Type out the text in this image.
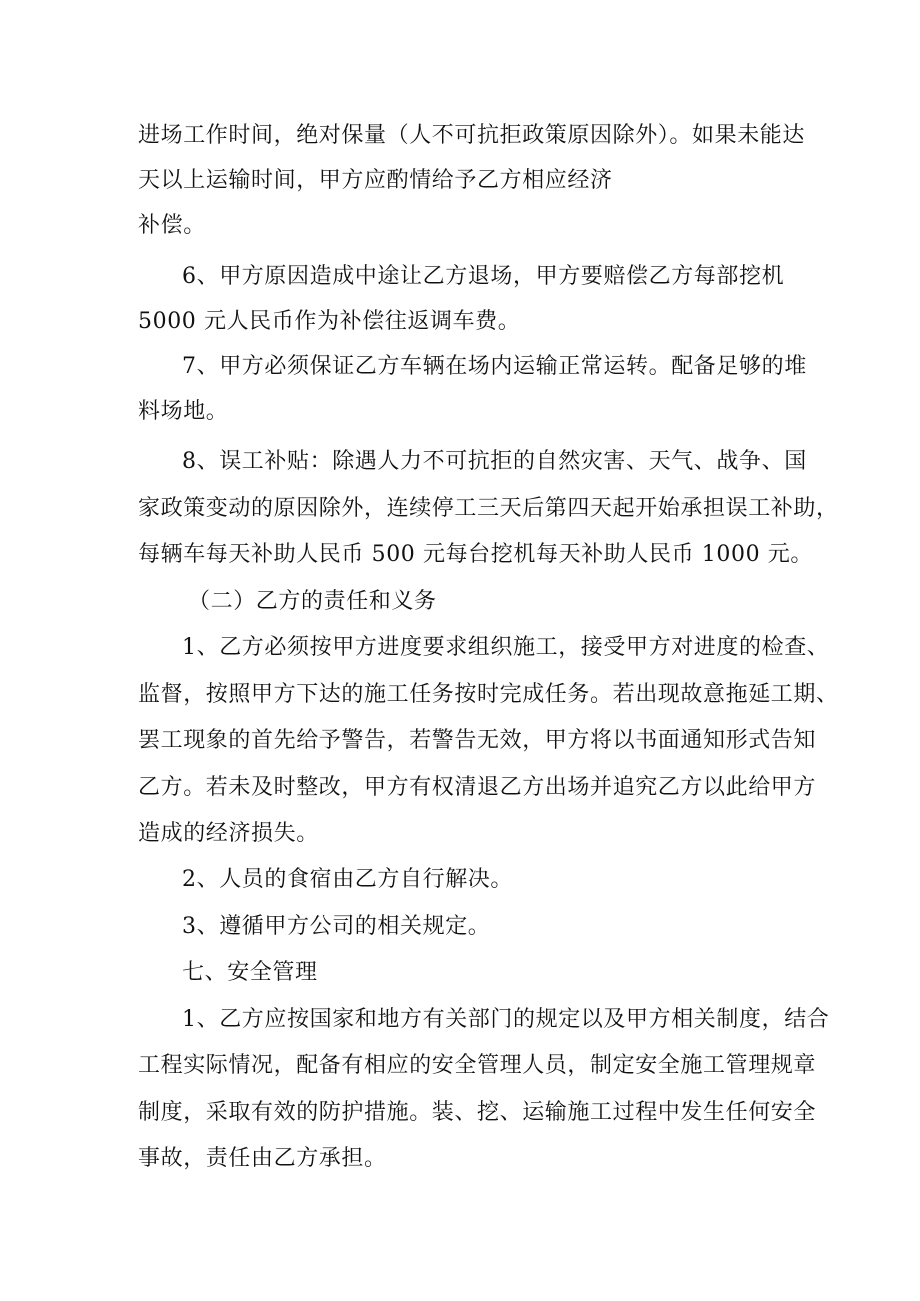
进场工作时间，绝对保量（人不可抗拒政策原因除外）。如果未能达
天以上运输时间，甲方应酌情给予乙方相应经济
补偿。
6、甲方原因造成中途让乙方退场，甲方要赔偿乙方每部挖机
5000 元人民币作为补偿往返调车费。
7、甲方必须保证乙方车辆在场内运输正常运转。配备足够的堆
料场地。
8、误工补贴：除遇人力不可抗拒的自然灾害、天气、战争、国
家政策变动的原因除外，连续停工三天后第四天起开始承担误工补助，
每辆车每天补助人民币 500 元每台挖机每天补助人民币 1000 元。
（二）乙方的责任和义务
1、乙方必须按甲方进度要求组织施工，接受甲方对进度的检查、
监督，按照甲方下达的施工任务按时完成任务。若出现故意拖延工期、
罢工现象的首先给予警告，若警告无效，甲方将以书面通知形式告知
乙方。若未及时整改，甲方有权清退乙方出场并追究乙方以此给甲方
造成的经济损失。
2、人员的食宿由乙方自行解决。
3、遵循甲方公司的相关规定。
七、安全管理
1、乙方应按国家和地方有关部门的规定以及甲方相关制度，结合
工程实际情况，配备有相应的安全管理人员，制定安全施工管理规章
制度，采取有效的防护措施。装、挖、运输施工过程中发生任何安全
事故，责任由乙方承担。
